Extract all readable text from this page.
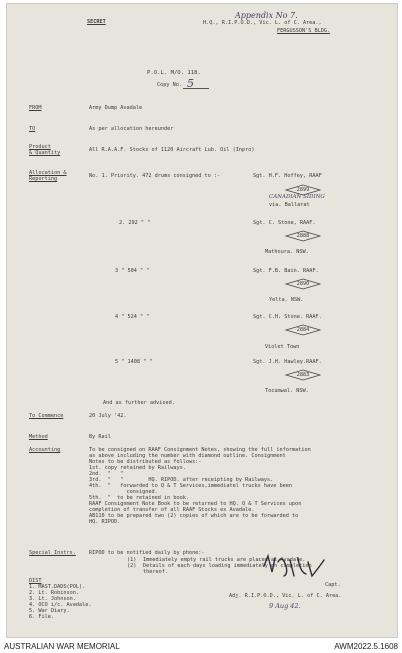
SECRET
Appendix No 7.
H.Q., R.I.P.O.D., Vic. L. of C. Area.,
FERGUSSON'S BLDG.
P.O.L. M/O. 118.
Copy No. 5
FROM	Army Dump Avadale
TO	As per allocation hereunder
Product
& Quantity	All R.A.A.F. Stocks of 1120 Aircraft Lub. Oil (Inpro)
Allocation &
Reporting	No. 1. Priority. 472 drums consigned to :-	Sgt. H.F. Hoffey, RAAF
2899
CANADIAN SIDING
via. Ballarat
2. 292 " "	Sgt. C. Stone, RAAF.
2888
Mathoura. NSW.
3 " 504 " "	Sgt. F.B. Bain. RAAF.
2890
Yelta. NSW.
4 " 524 " "	Sgt. C.H. Stone. RAAF.
2884
Violet Town
5 " 1408 " "	Sgt. J.H. Hawley.RAAF.
2883
Tocumwal. NSW.
And as further advised.
To Commence	20 July '42.
Method	By Rail
Accounting	To be consigned on RAAF Consignment Notes, showing the full information
as above including the number with diamond outline. Consignment
Notes to be distributed as follows:-
1st. copy retained by Railways.
2nd.  "   "
3rd.  "   "        HQ. RIPOD. after receipting by Railways.
4th.  "   forwarded to Q & T Services,immediatel trucks have been
consigned.
5th.  "  to be retained in book.
RAAF Consignment Note Book to be returned to HQ. Q & T Services upon
completion of transfer of all RAAF Stocks ex Avadale.
AB110 to be prepared two (2) copies of which are to be forwarded to
HQ. RIPOD.
Special Instrs.	RIPOD to be notified daily by phone:-
(1) Immediately empty rail trucks are placed at Avadale.
(2) Details of each days loading immediately on completion
thereof.
DIST
1. MAST.DADS(POL).
2. Lt. Robinson.
3. Lt. Johnson.
4. OCO i/c. Avadale.
5. War Diary.
6. File.
Capt.
Adj. R.I.P.O.D., Vic. L. of C. Area.
9 Aug 42.
AUSTRALIAN WAR MEMORIAL	AWM2022.5.1608
